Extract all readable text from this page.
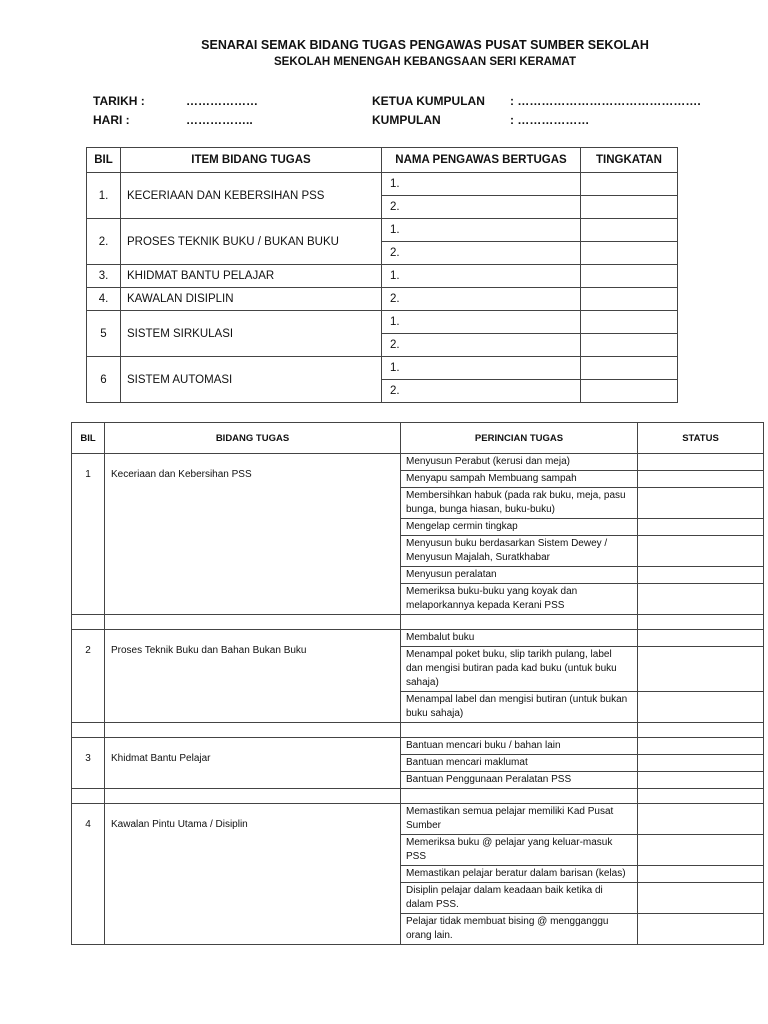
SENARAI SEMAK BIDANG TUGAS PENGAWAS PUSAT SUMBER SEKOLAH
SEKOLAH MENENGAH KEBANGSAAN SERI KERAMAT
TARIKH :	………………
HARI :	……………..
KETUA KUMPULAN : ……………………………………….
KUMPULAN	: ………………
BIL	ITEM BIDANG TUGAS	NAMA PENGAWAS BERTUGAS	TINGKATAN
1.	KECERIAAN DAN KEBERSIHAN PSS	1.	
		2.	
2.	PROSES TEKNIK BUKU / BUKAN BUKU	1.	
		2.	
3.	KHIDMAT BANTU PELAJAR	1.	
4.	KAWALAN DISIPLIN	2.	
5	SISTEM SIRKULASI	1.	
		2.	
6	SISTEM AUTOMASI	1.	
		2.	
BIL	BIDANG TUGAS	PERINCIAN TUGAS	STATUS
1	Keceriaan dan Kebersihan PSS	Menyusun Perabut (kerusi dan meja)	
		Menyapu sampah Membuang sampah	
		Membersihkan habuk (pada rak buku, meja, pasu bunga, bunga hiasan, buku-buku)	
		Mengelap cermin tingkap	
		Menyusun buku berdasarkan Sistem Dewey / Menyusun Majalah, Suratkhabar	
		Menyusun peralatan	
		Memeriksa buku-buku yang koyak dan melaporkannya kepada Kerani PSS	

2	Proses Teknik Buku dan Bahan Bukan Buku	Membalut buku	
		Menampal poket buku, slip tarikh pulang, label dan mengisi butiran pada kad buku (untuk buku sahaja)	
		Menampal label dan mengisi butiran (untuk bukan buku sahaja)	

3	Khidmat Bantu Pelajar	Bantuan mencari buku / bahan lain	
		Bantuan mencari maklumat	
		Bantuan Penggunaan Peralatan PSS	

4	Kawalan Pintu Utama / Disiplin	Memastikan semua pelajar memiliki Kad Pusat Sumber	
		Memeriksa buku @ pelajar yang keluar-masuk PSS	
		Memastikan pelajar beratur dalam barisan (kelas)	
		Disiplin pelajar dalam keadaan baik ketika di dalam PSS.	
		Pelajar tidak membuat bising @ mengganggu orang lain.	
